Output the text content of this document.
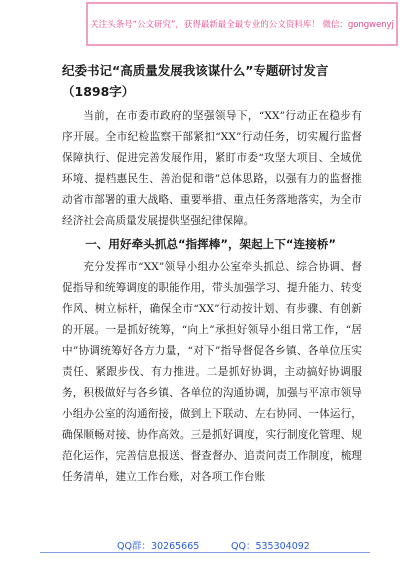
关注头条号“公文研究”，获得最新最全最专业的公文资料库！ 微信：gongwenyj

纪委书记“高质量发展我该谋什么”专题研讨发言（1898字）

当前，在市委市政府的坚强领导下，“XX”行动正在稳步有序开展。全市纪检监察干部紧扣“XX”行动任务，切实履行监督保障执行、促进完善发展作用，紧盯市委“攻坚大项目、全域优环境、提档惠民生、善治促和谐”总体思路，以强有力的监督推动省市部署的重大战略、重要举措、重点任务落地落实，为全市经济社会高质量发展提供坚强纪律保障。

一、用好牵头抓总“指挥棒”，架起上下“连接桥”

充分发挥市“XX”领导小组办公室牵头抓总、综合协调、督促指导和统筹调度的职能作用，带头加强学习、提升能力、转变作风、树立标杆，确保全市“XX”行动按计划、有步骤、有创新的开展。一是抓好统筹，“向上”承担好领导小组日常工作，“居中”协调统筹好各方力量，“对下”指导督促各乡镇、各单位压实责任、紧跟步伐、有力推进。二是抓好协调，主动搞好协调服务，积极做好与各乡镇、各单位的沟通协调，加强与平凉市领导小组办公室的沟通衔接，做到上下联动、左右协同、一体运行，确保顺畅对接、协作高效。三是抓好调度，实行制度化管理、规范化运作，完善信息报送、督查督办、追责问责工作制度，梳理任务清单，建立工作台账，对各项工作台账

QQ群：30265665	QQ：535304092
